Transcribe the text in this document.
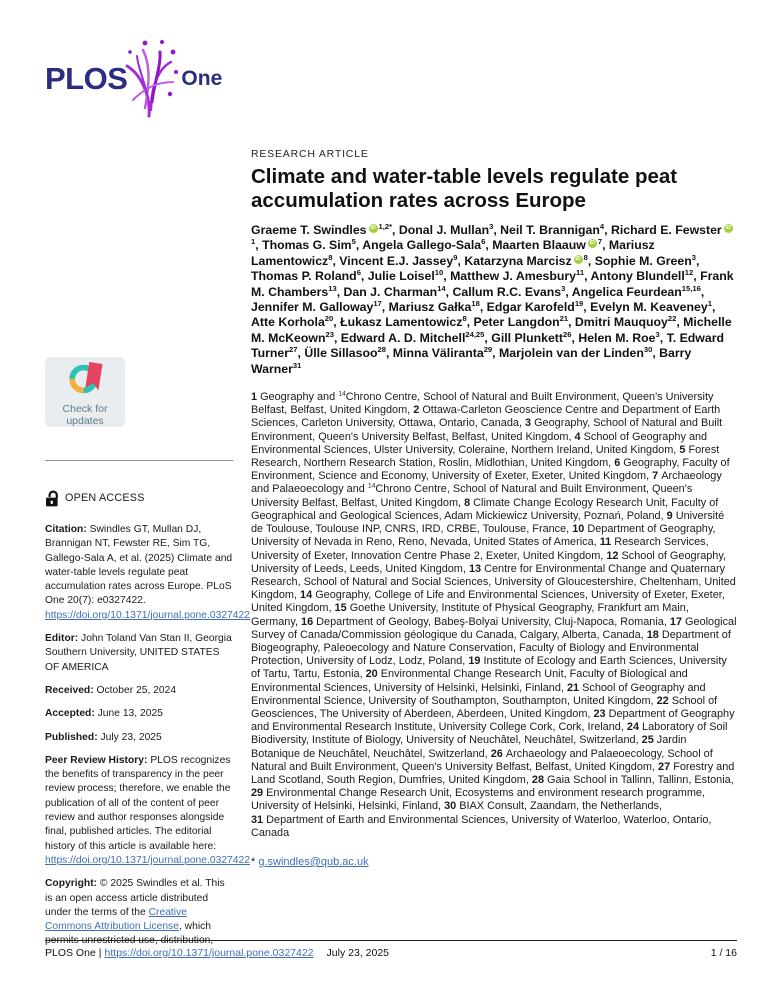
PLOS	One
RESEARCH ARTICLE
Climate and water-table levels regulate peat accumulation rates across Europe
Graeme T. Swindles iD $^{1,2*}$, Donal J. Mullan$^3$, Neil T. Brannigan$^4$, Richard E. Fewster $iD^1$, Thomas G. Sim$^5$, Angela Gallego-Sala$^6$, Maarten Blaauw iD $^7$, Mariusz Lamentowicz$^8$, Vincent E.J. Jassey$^9$, Katarzyna Marcisz iD $^8$, Sophie M. Green$^3$, Thomas P. Roland$^6$, Julie Loisel$^{10}$, Matthew J. Amesbury$^{11}$, Antony Blundell$^{12}$, Frank M. Chambers$^{13}$, Dan J. Charman$^{14}$, Callum R.C. Evans$^3$, Angelica Feurdean$^{15,16}$, Jennifer M. Galloway$^{17}$, Mariusz Gałka$^{18}$, Edgar Karofeld$^{19}$, Evelyn M. Keaveney$^1$, Atte Korhola$^{20}$, Łukasz Lamentowicz$^8$, Peter Langdon$^{21}$, Dmitri Mauquoy$^{22}$, Michelle M. McKeown$^{23}$, Edward A. D. Mitchell$^{24,25}$, Gill Plunkett$^{26}$, Helen M. Roe$^3$, T. Edward Turner$^{27}$, Ülle Sillasoo$^{28}$, Minna Väliranta$^{29}$, Marjolein van der Linden$^{30}$, Barry Warner$^{31}$
1 Geography and $^{14}$Chrono Centre, School of Natural and Built Environment, Queen's University Belfast, Belfast, United Kingdom, 2 Ottawa-Carleton Geoscience Centre and Department of Earth Sciences, Carleton University, Ottawa, Ontario, Canada, 3 Geography, School of Natural and Built Environment, Queen's University Belfast, Belfast, United Kingdom, 4 School of Geography and Environmental Sciences, Ulster University, Coleraine, Northern Ireland, United Kingdom, 5 Forest Research, Northern Research Station, Roslin, Midlothian, United Kingdom, 6 Geography, Faculty of Environment, Science and Economy, University of Exeter, Exeter, United Kingdom, 7 Archaeology and Palaeoecology and $^{14}$Chrono Centre, School of Natural and Built Environment, Queen's University Belfast, Belfast, United Kingdom, 8 Climate Change Ecology Research Unit, Faculty of Geographical and Geological Sciences, Adam Mickiewicz University, Poznań, Poland, 9 Université de Toulouse, Toulouse INP, CNRS, IRD, CRBE, Toulouse, France, 10 Department of Geography, University of Nevada in Reno, Reno, Nevada, United States of America, 11 Research Services, University of Exeter, Innovation Centre Phase 2, Exeter, United Kingdom, 12 School of Geography, University of Leeds, Leeds, United Kingdom, 13 Centre for Environmental Change and Quaternary Research, School of Natural and Social Sciences, University of Gloucestershire, Cheltenham, United Kingdom, 14 Geography, College of Life and Environmental Sciences, University of Exeter, Exeter, United Kingdom, 15 Goethe University, Institute of Physical Geography, Frankfurt am Main, Germany, 16 Department of Geology, Babeş-Bolyai University, Cluj-Napoca, Romania, 17 Geological Survey of Canada/Commission géologique du Canada, Calgary, Alberta, Canada, 18 Department of Biogeography, Paleoecology and Nature Conservation, Faculty of Biology and Environmental Protection, University of Lodz, Lodz, Poland, 19 Institute of Ecology and Earth Sciences, University of Tartu, Tartu, Estonia, 20 Environmental Change Research Unit, Faculty of Biological and Environmental Sciences, University of Helsinki, Helsinki, Finland, 21 School of Geography and Environmental Science, University of Southampton, Southampton, United Kingdom, 22 School of Geosciences, The University of Aberdeen, Aberdeen, United Kingdom, 23 Department of Geography and Environmental Research Institute, University College Cork, Cork, Ireland, 24 Laboratory of Soil Biodiversity, Institute of Biology, University of Neuchâtel, Neuchâtel, Switzerland, 25 Jardin Botanique de Neuchâtel, Neuchâtel, Switzerland, 26 Archaeology and Palaeoecology, School of Natural and Built Environment, Queen's University Belfast, Belfast, United Kingdom, 27 Forestry and Land Scotland, South Region, Dumfries, United Kingdom, 28 Gaia School in Tallinn, Tallinn, Estonia, 29 Environmental Change Research Unit, Ecosystems and environment research programme, University of Helsinki, Helsinki, Finland, 30 BIAX Consult, Zaandam, the Netherlands, 31 Department of Earth and Environmental Sciences, University of Waterloo, Waterloo, Ontario, Canada
* g.swindles@qub.ac.uk
Check for
updates
OPEN ACCESS

Citation: Swindles GT, Mullan DJ, Brannigan NT, Fewster RE, Sim TG, Gallego-Sala A, et al. (2025) Climate and water-table levels regulate peat accumulation rates across Europe. PLoS One 20(7): e0327422. https://doi.org/10.1371/journal.pone.0327422

Editor: John Toland Van Stan II, Georgia Southern University, UNITED STATES OF AMERICA

Received: October 25, 2024

Accepted: June 13, 2025

Published: July 23, 2025

Peer Review History: PLOS recognizes the benefits of transparency in the peer review process; therefore, we enable the publication of all of the content of peer review and author responses alongside final, published articles. The editorial history of this article is available here: https://doi.org/10.1371/journal.pone.0327422

Copyright: © 2025 Swindles et al. This is an open access article distributed under the terms of the Creative Commons Attribution License, which permits unrestricted use, distribution,

PLOS One | https://doi.org/10.1371/journal.pone.0327422 July 23, 2025	1 / 16
